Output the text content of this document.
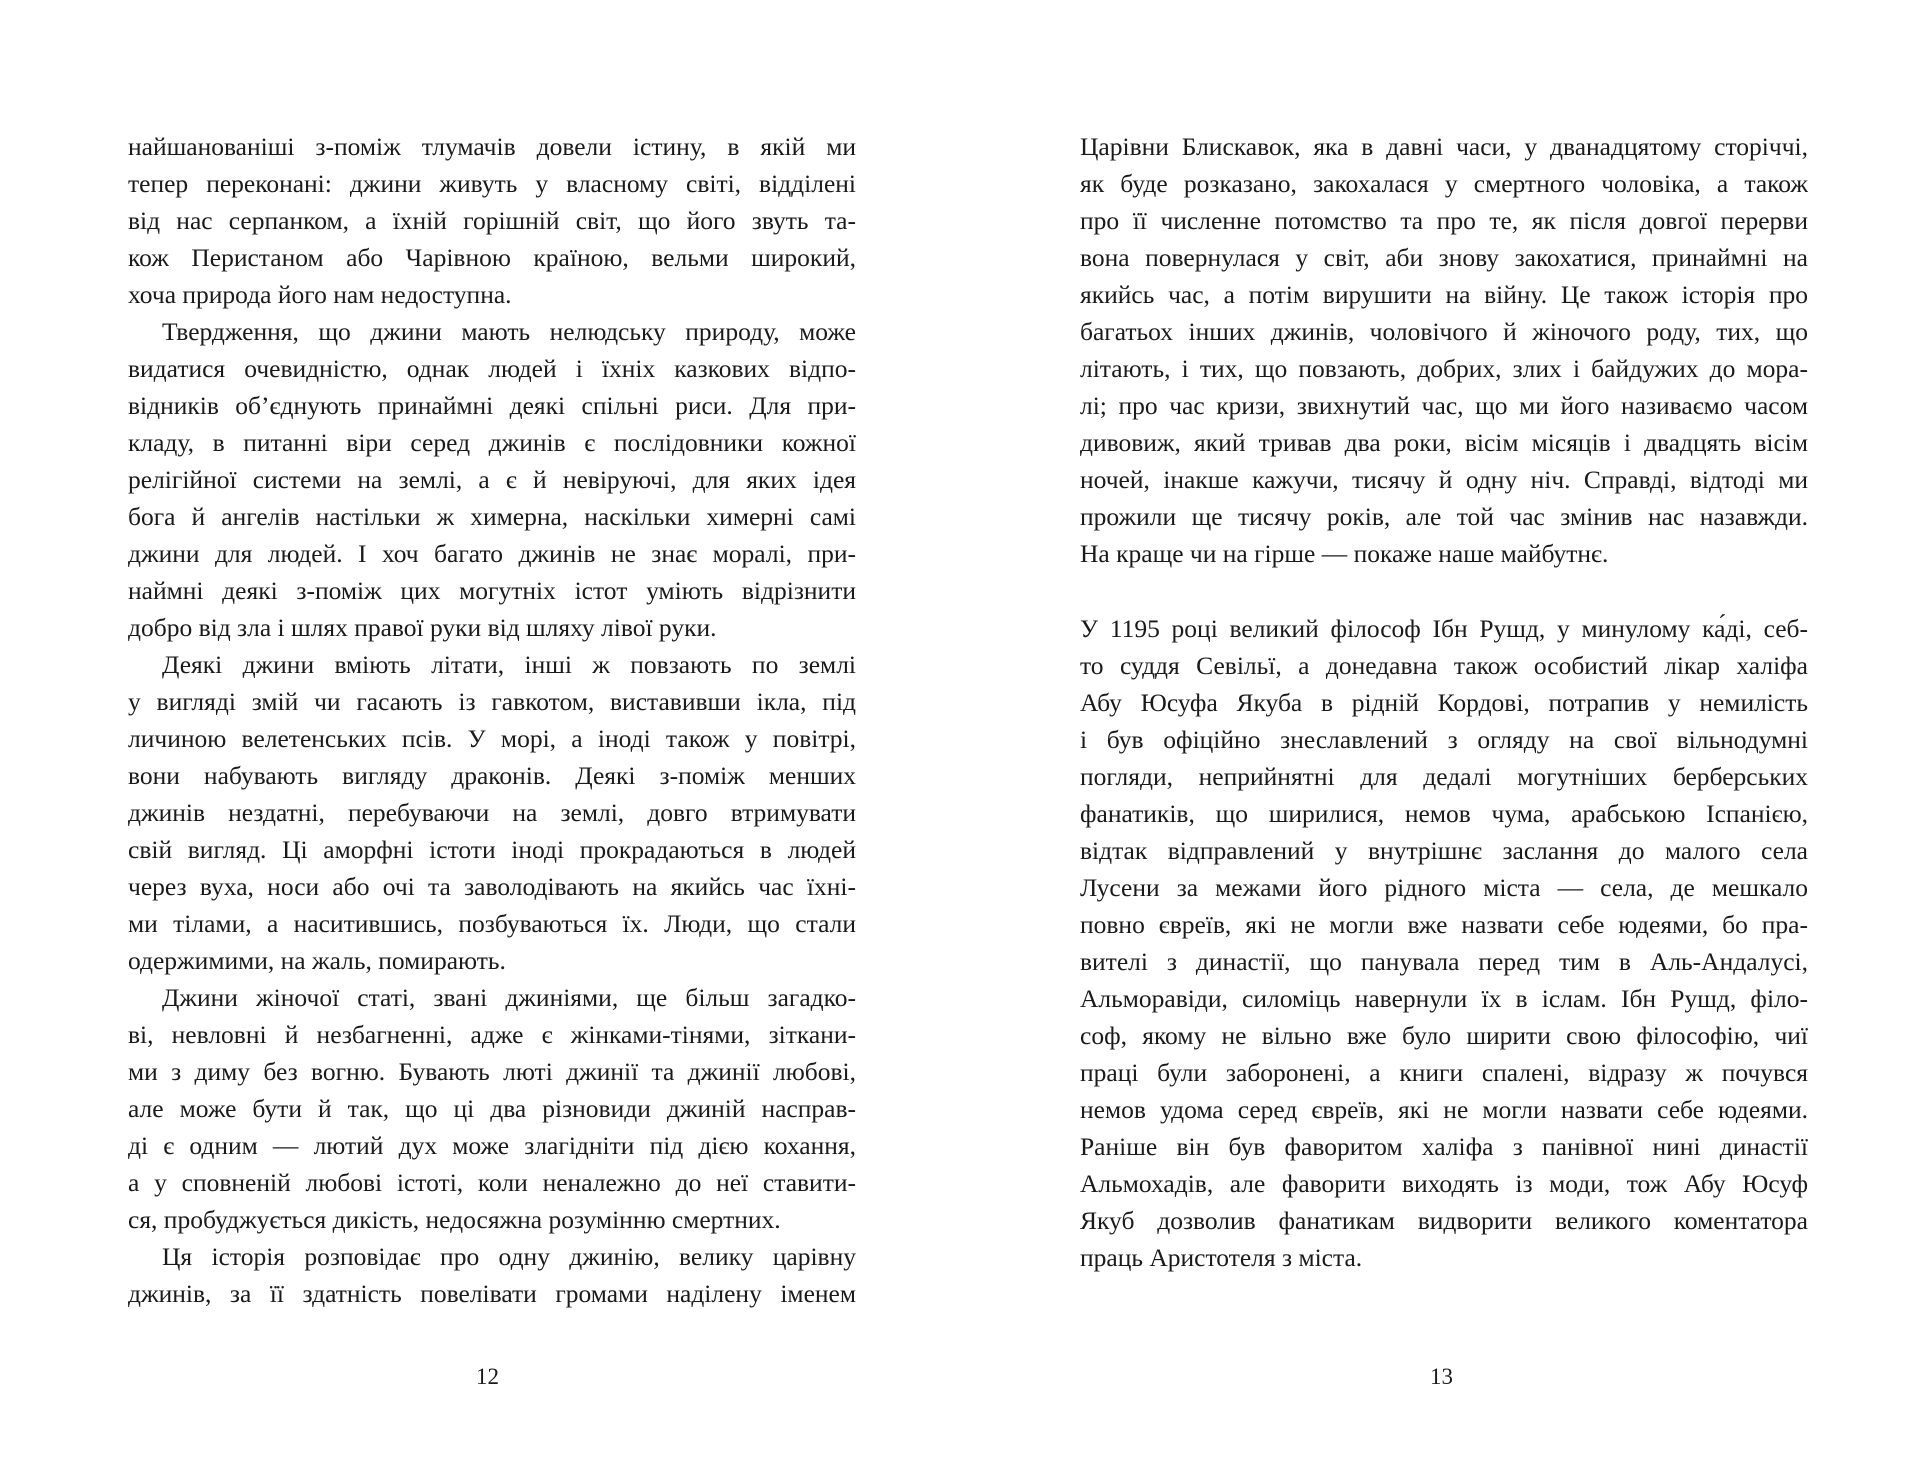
найшанованіші з-поміж тлумачів довели істину, в якій ми
тепер переконані: джини живуть у власному світі, відділені
від нас серпанком, а їхній горішній світ, що його звуть та-
кож Перистаном або Чарівною країною, вельми широкий,
хоча природа його нам недоступна.
Твердження, що джини мають нелюдську природу, може
видатися очевидністю, однак людей і їхніх казкових відпо-
відників об’єднують принаймні деякі спільні риси. Для при-
кладу, в питанні віри серед джинів є послідовники кожної
релігійної системи на землі, а є й невіруючі, для яких ідея
бога й ангелів настільки ж химерна, наскільки химерні самі
джини для людей. І хоч багато джинів не знає моралі, при-
наймні деякі з-поміж цих могутніх істот уміють відрізнити
добро від зла і шлях правої руки від шляху лівої руки.
Деякі джини вміють літати, інші ж повзають по землі
у вигляді змій чи гасають із гавкотом, виставивши ікла, під
личиною велетенських псів. У морі, а іноді також у повітрі,
вони набувають вигляду драконів. Деякі з-поміж менших
джинів нездатні, перебуваючи на землі, довго втримувати
свій вигляд. Ці аморфні істоти іноді прокрадаються в людей
через вуха, носи або очі та заволодівають на якийсь час їхні-
ми тілами, а наситившись, позбуваються їх. Люди, що стали
одержимими, на жаль, помирають.
Джини жіночої статі, звані джиніями, ще більш загадко-
ві, невловні й незбагненні, адже є жінками-тінями, зіткани-
ми з диму без вогню. Бувають люті джинії та джинії любові,
але може бути й так, що ці два різновиди джиній насправ-
ді є одним — лютий дух може злагідніти під дією кохання,
а у сповненій любові істоті, коли неналежно до неї ставити-
ся, пробуджується дикість, недосяжна розумінню смертних.
Ця історія розповідає про одну джинію, велику царівну
джинів, за її здатність повелівати громами наділену іменем
12
Царівни Блискавок, яка в давні часи, у дванадцятому сторіччі,
як буде розказано, закохалася у смертного чоловіка, а також
про її численне потомство та про те, як після довгої перерви
вона повернулася у світ, аби знову закохатися, принаймні на
якийсь час, а потім вирушити на війну. Це також історія про
багатьох інших джинів, чоловічого й жіночого роду, тих, що
літають, і тих, що повзають, добрих, злих і байдужих до мора-
лі; про час кризи, звихнутий час, що ми його називаємо часом
дивовиж, який тривав два роки, вісім місяців і двадцять вісім
ночей, інакше кажучи, тисячу й одну ніч. Справді, відтоді ми
прожили ще тисячу років, але той час змінив нас назавжди.
На краще чи на гірше — покаже наше майбутнє.
У 1195 році великий філософ Ібн Рушд, у минулому ка́ді, себ-
то суддя Севільї, а донедавна також особистий лікар халіфа
Абу Юсуфа Якуба в рідній Кордові, потрапив у немилість
і був офіційно знеславлений з огляду на свої вільнодумні
погляди, неприйнятні для дедалі могутніших берберських
фанатиків, що ширилися, немов чума, арабською Іспанією,
відтак відправлений у внутрішнє заслання до малого села
Лусени за межами його рідного міста — села, де мешкало
повно євреїв, які не могли вже назвати себе юдеями, бо пра-
вителі з династії, що панувала перед тим в Аль-Андалусі,
Альморавіди, силоміць навернули їх в іслам. Ібн Рушд, філо-
соф, якому не вільно вже було ширити свою філософію, чиї
праці були заборонені, а книги спалені, відразу ж почувся
немов удома серед євреїв, які не могли назвати себе юдеями.
Раніше він був фаворитом халіфа з панівної нині династії
Альмохадів, але фаворити виходять із моди, тож Абу Юсуф
Якуб дозволив фанатикам видворити великого коментатора
праць Аристотеля з міста.
13
